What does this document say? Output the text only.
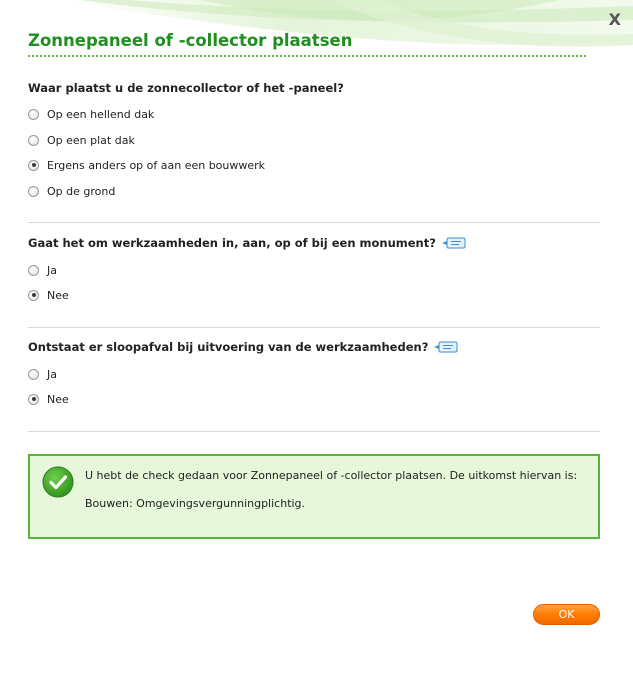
X
Zonnepaneel of -collector plaatsen

Waar plaatst u de zonnecollector of het -paneel?

Op een hellend dak
Op een plat dak
Ergens anders op of aan een bouwwerk
Op de grond

Gaat het om werkzaamheden in, aan, op of bij een monument?

Ja
Nee

Ontstaat er sloopafval bij uitvoering van de werkzaamheden?

Ja
Nee
U hebt de check gedaan voor Zonnepaneel of -collector plaatsen. De uitkomst hiervan is:
Bouwen: Omgevingsvergunningplichtig.
OK
